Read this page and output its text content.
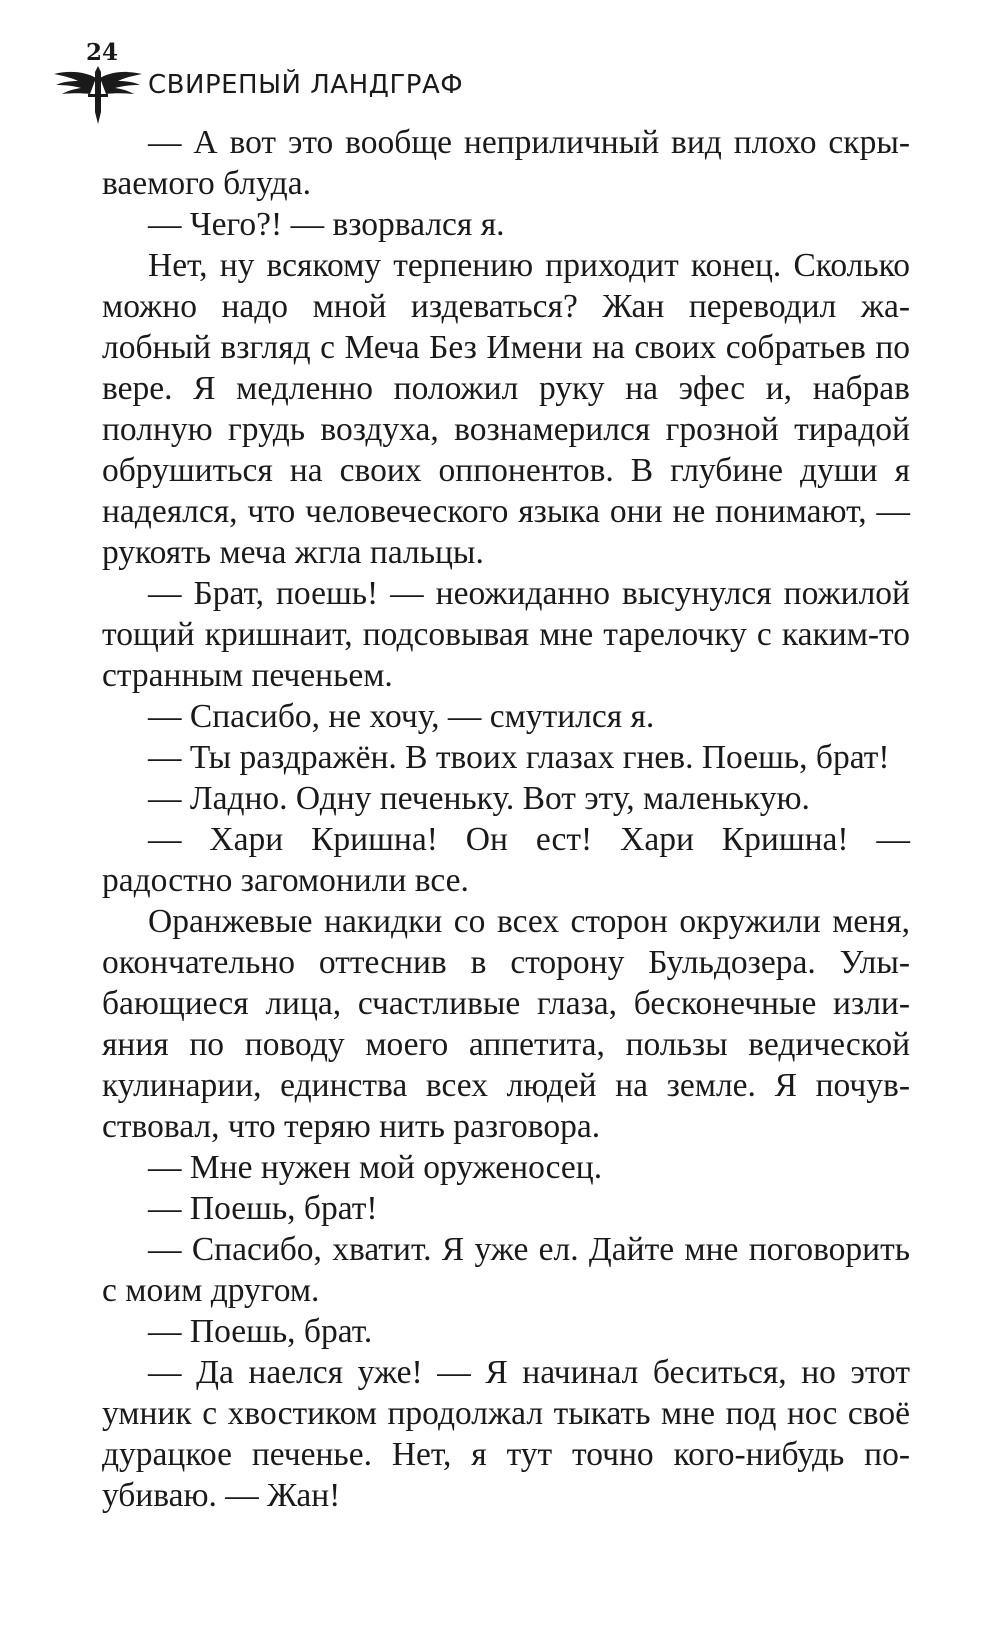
24
СВИРЕПЫЙ ЛАНДГРАФ

— А вот это вообще неприличный вид плохо скрываемого блуда.

— Чего?! — взорвался я.

Нет, ну всякому терпению приходит конец. Сколько можно надо мной издеваться? Жан переводил жалобный взгляд с Меча Без Имени на своих собратьев по вере. Я медленно положил руку на эфес и, набрав полную грудь воздуха, вознамерился грозной тирадой обрушиться на своих оппонентов. В глубине души я надеялся, что человеческого языка они не понимают, — рукоять меча жгла пальцы.

— Брат, поешь! — неожиданно высунулся пожилой тощий кришнаит, подсовывая мне тарелочку с каким-то странным печеньем.

— Спасибо, не хочу, — смутился я.

— Ты раздражён. В твоих глазах гнев. Поешь, брат!

— Ладно. Одну печеньку. Вот эту, маленькую.

— Хари Кришна! Он ест! Хари Кришна! — радостно загомонили все.

Оранжевые накидки со всех сторон окружили меня, окончательно оттеснив в сторону Бульдозера. Улыбающиеся лица, счастливые глаза, бесконечные излияния по поводу моего аппетита, пользы ведической кулинарии, единства всех людей на земле. Я почувствовал, что теряю нить разговора.

— Мне нужен мой оруженосец.

— Поешь, брат!

— Спасибо, хватит. Я уже ел. Дайте мне поговорить с моим другом.

— Поешь, брат.

— Да наелся уже! — Я начинал беситься, но этот умник с хвостиком продолжал тыкать мне под нос своё дурацкое печенье. Нет, я тут точно кого-нибудь поубиваю. — Жан!
